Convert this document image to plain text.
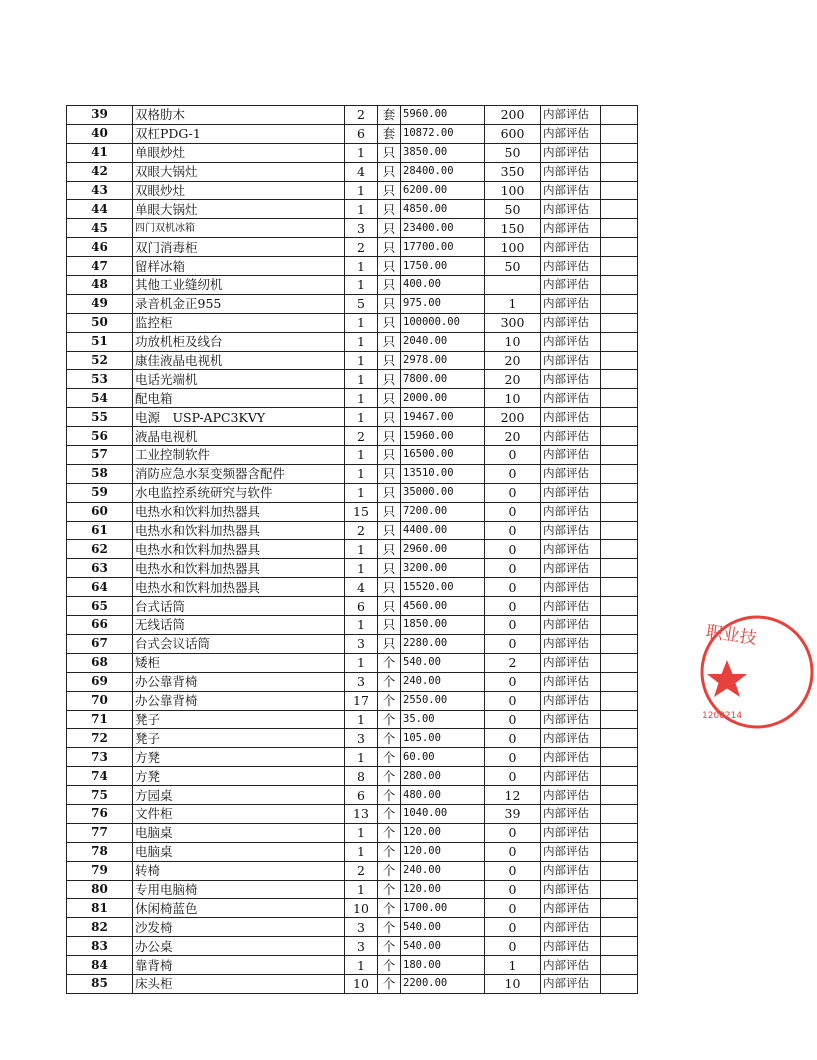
39	双格肋木	2	套	5960.00	200	内部评估	
40	双杠PDG-1	6	套	10872.00	600	内部评估	
41	单眼炒灶	1	只	3850.00	50	内部评估	
42	双眼大锅灶	4	只	28400.00	350	内部评估	
43	双眼炒灶	1	只	6200.00	100	内部评估	
44	单眼大锅灶	1	只	4850.00	50	内部评估	
45	四门双机冰箱	3	只	23400.00	150	内部评估	
46	双门消毒柜	2	只	17700.00	100	内部评估	
47	留样冰箱	1	只	1750.00	50	内部评估	
48	其他工业缝纫机	1	只	400.00		内部评估	
49	录音机金正955	5	只	975.00	1	内部评估	
50	监控柜	1	只	100000.00	300	内部评估	
51	功放机柜及线台	1	只	2040.00	10	内部评估	
52	康佳液晶电视机	1	只	2978.00	20	内部评估	
53	电话光端机	1	只	7800.00	20	内部评估	
54	配电箱	1	只	2000.00	10	内部评估	
55	电源　USP-APC3KVY	1	只	19467.00	200	内部评估	
56	液晶电视机	2	只	15960.00	20	内部评估	
57	工业控制软件	1	只	16500.00	0	内部评估	
58	消防应急水泵变频器含配件	1	只	13510.00	0	内部评估	
59	水电监控系统研究与软件	1	只	35000.00	0	内部评估	
60	电热水和饮料加热器具	15	只	7200.00	0	内部评估	
61	电热水和饮料加热器具	2	只	4400.00	0	内部评估	
62	电热水和饮料加热器具	1	只	2960.00	0	内部评估	
63	电热水和饮料加热器具	1	只	3200.00	0	内部评估	
64	电热水和饮料加热器具	4	只	15520.00	0	内部评估	
65	台式话筒	6	只	4560.00	0	内部评估	
66	无线话筒	1	只	1850.00	0	内部评估	
67	台式会议话筒	3	只	2280.00	0	内部评估	
68	矮柜	1	个	540.00	2	内部评估	
69	办公靠背椅	3	个	240.00	0	内部评估	
70	办公靠背椅	17	个	2550.00	0	内部评估	
71	凳子	1	个	35.00	0	内部评估	
72	凳子	3	个	105.00	0	内部评估	
73	方凳	1	个	60.00	0	内部评估	
74	方凳	8	个	280.00	0	内部评估	
75	方园桌	6	个	480.00	12	内部评估	
76	文件柜	13	个	1040.00	39	内部评估	
77	电脑桌	1	个	120.00	0	内部评估	
78	电脑桌	1	个	120.00	0	内部评估	
79	转椅	2	个	240.00	0	内部评估	
80	专用电脑椅	1	个	120.00	0	内部评估	
81	休闲椅蓝色	10	个	1700.00	0	内部评估	
82	沙发椅	3	个	540.00	0	内部评估	
83	办公桌	3	个	540.00	0	内部评估	
84	靠背椅	1	个	180.00	1	内部评估	
85	床头柜	10	个	2200.00	10	内部评估	
职业技
1200214
